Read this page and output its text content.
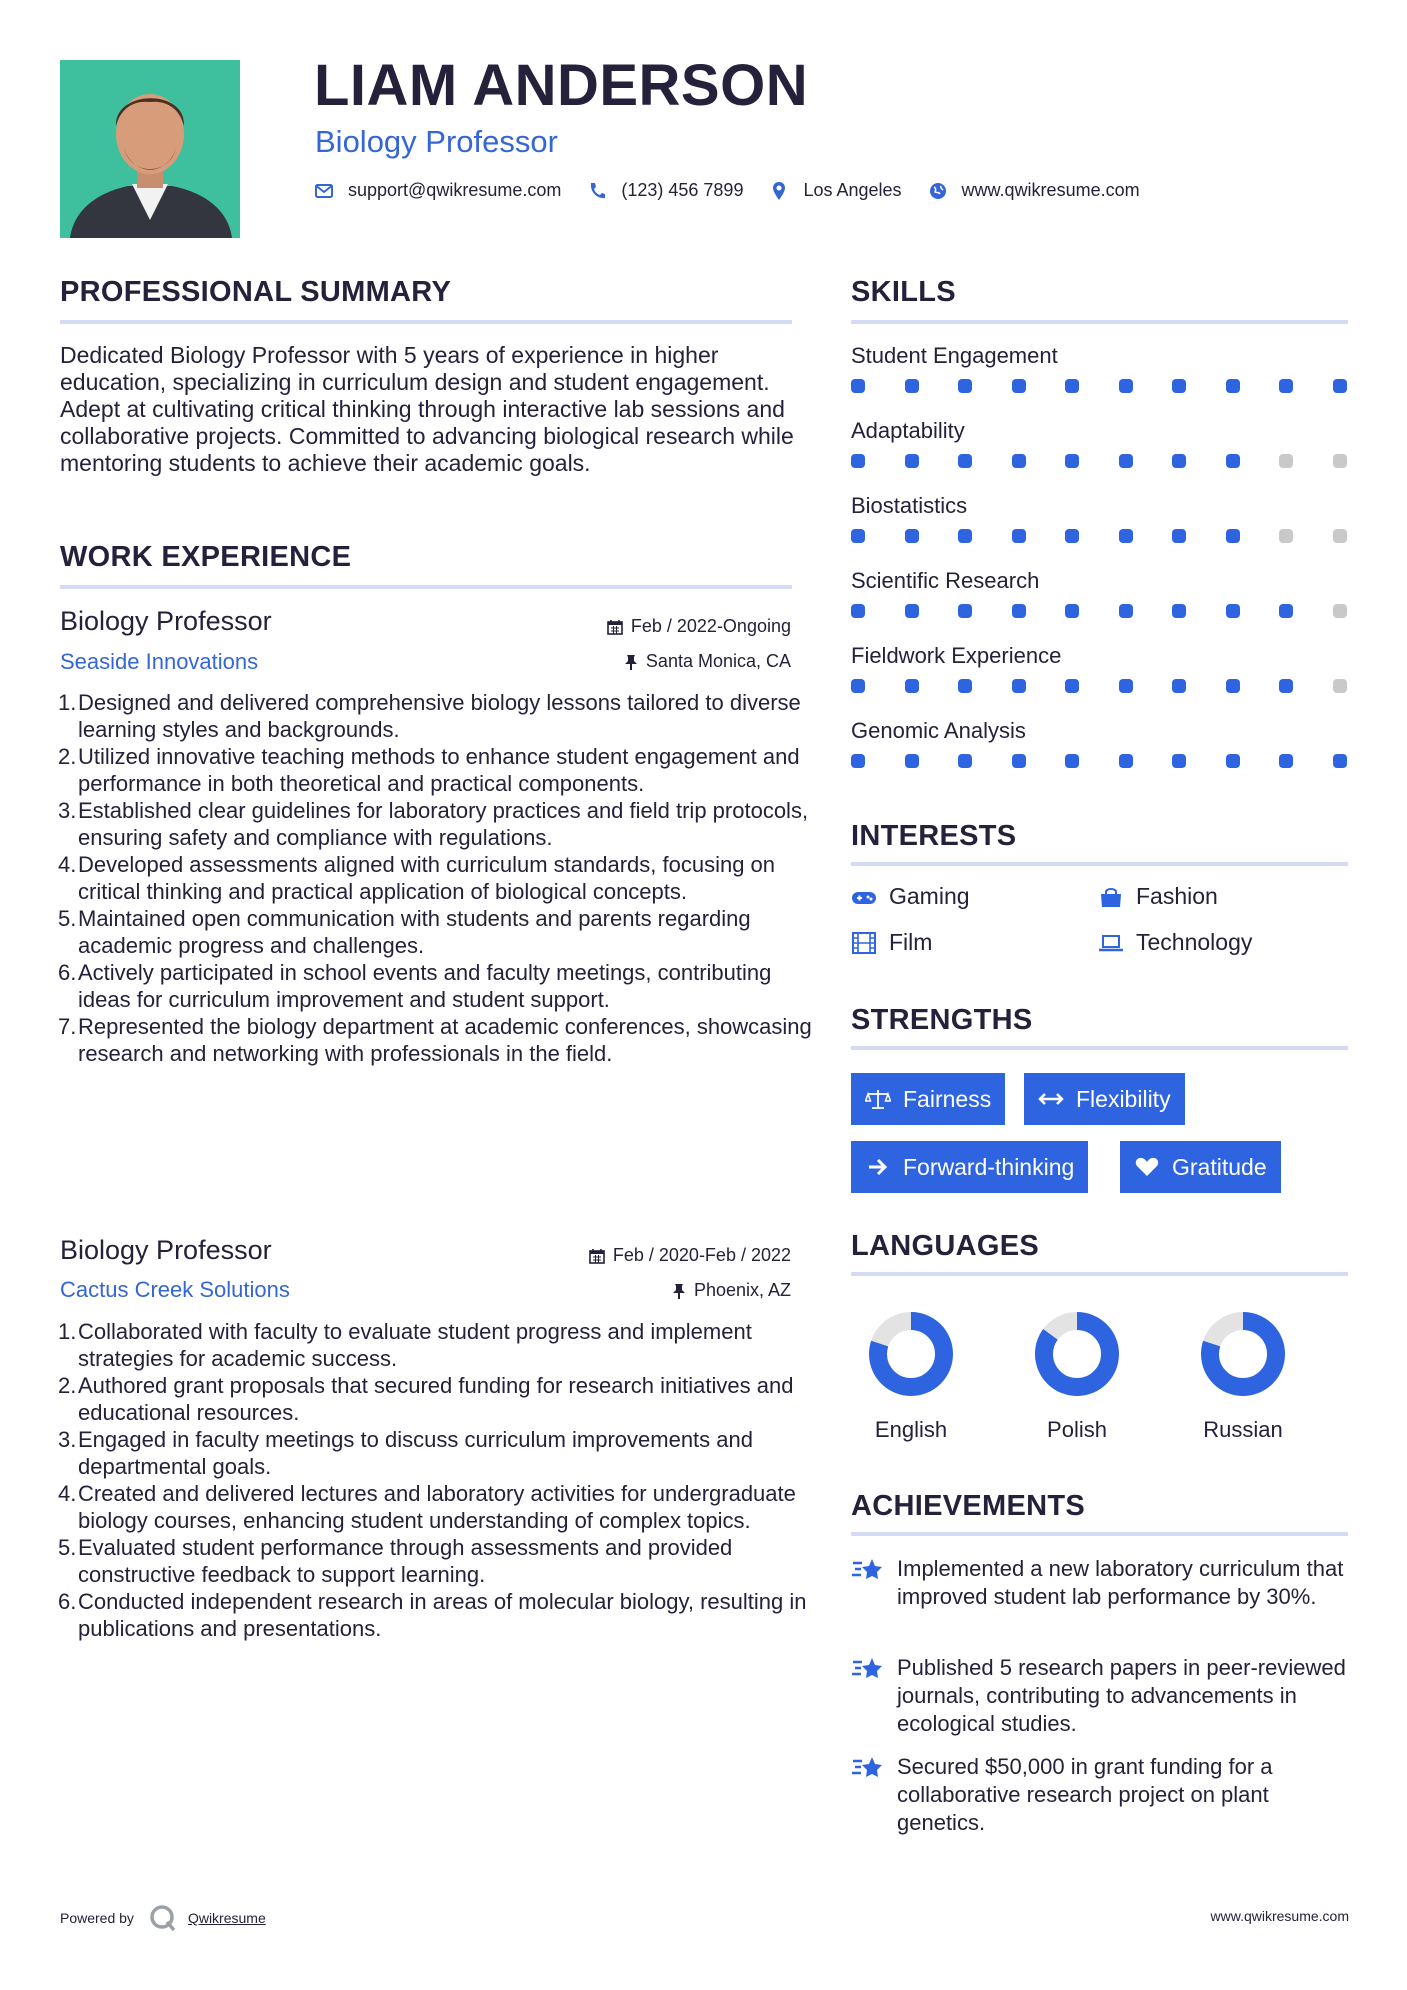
LIAM ANDERSON
Biology Professor
support@qwikresume.com	(123) 456 7899	Los Angeles	www.qwikresume.com
PROFESSIONAL SUMMARY
Dedicated Biology Professor with 5 years of experience in higher education, specializing in curriculum design and student engagement. Adept at cultivating critical thinking through interactive lab sessions and collaborative projects. Committed to advancing biological research while mentoring students to achieve their academic goals.
WORK EXPERIENCE
Biology Professor
Seaside Innovations
Feb / 2022-Ongoing
Santa Monica, CA
Designed and delivered comprehensive biology lessons tailored to diverse learning styles and backgrounds.
Utilized innovative teaching methods to enhance student engagement and performance in both theoretical and practical components.
Established clear guidelines for laboratory practices and field trip protocols, ensuring safety and compliance with regulations.
Developed assessments aligned with curriculum standards, focusing on critical thinking and practical application of biological concepts.
Maintained open communication with students and parents regarding academic progress and challenges.
Actively participated in school events and faculty meetings, contributing ideas for curriculum improvement and student support.
Represented the biology department at academic conferences, showcasing research and networking with professionals in the field.
Biology Professor
Cactus Creek Solutions
Feb / 2020-Feb / 2022
Phoenix, AZ
Collaborated with faculty to evaluate student progress and implement strategies for academic success.
Authored grant proposals that secured funding for research initiatives and educational resources.
Engaged in faculty meetings to discuss curriculum improvements and departmental goals.
Created and delivered lectures and laboratory activities for undergraduate biology courses, enhancing student understanding of complex topics.
Evaluated student performance through assessments and provided constructive feedback to support learning.
Conducted independent research in areas of molecular biology, resulting in publications and presentations.
SKILLS
Student Engagement
Adaptability
Biostatistics
Scientific Research
Fieldwork Experience
Genomic Analysis
INTERESTS
Gaming	Fashion
Film	Technology
STRENGTHS
Fairness	Flexibility
Forward-thinking	Gratitude
LANGUAGES
English	Polish	Russian
ACHIEVEMENTS
Implemented a new laboratory curriculum that improved student lab performance by 30%.
Published 5 research papers in peer-reviewed journals, contributing to advancements in ecological studies.
Secured $50,000 in grant funding for a collaborative research project on plant genetics.
Powered by	Qwikresume	www.qwikresume.com
